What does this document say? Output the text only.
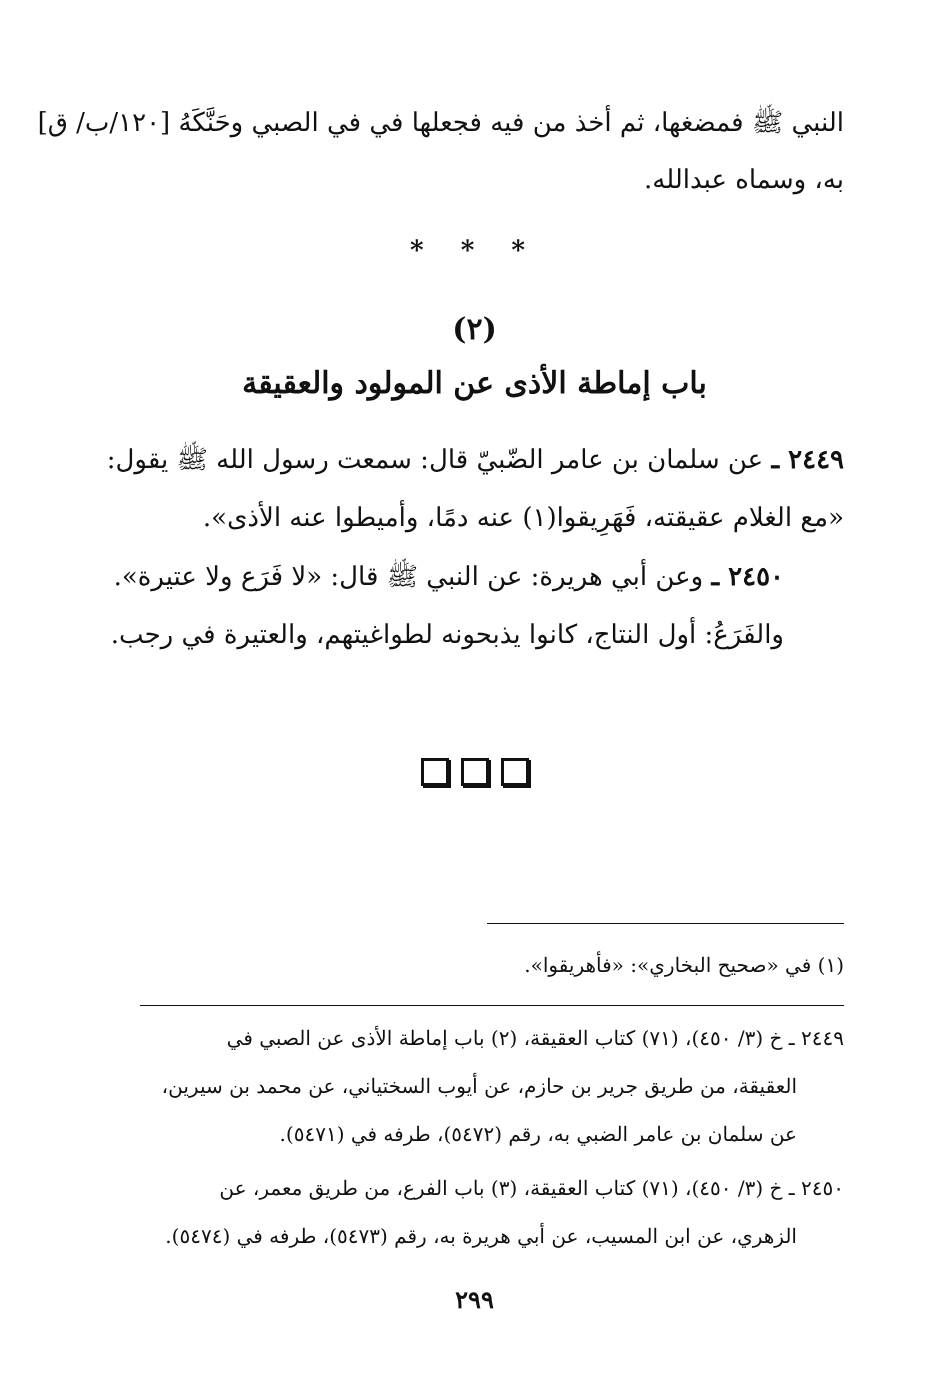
النبي ﷺ فمضغها، ثم أخذ من فيه فجعلها في في الصبي وحَنَّكَهُ [١٢٠/ب/ ق]
به، وسماه عبدالله.
* * *
(٢)
باب إماطة الأذى عن المولود والعقيقة
٢٤٤٩ ـ عن سلمان بن عامر الضّبيّ قال: سمعت رسول الله ﷺ يقول:
«مع الغلام عقيقته، فَهَرِيقوا(١) عنه دمًا، وأميطوا عنه الأذى».
٢٤٥٠ ـ وعن أبي هريرة: عن النبي ﷺ قال: «لا فَرَع ولا عتيرة».
والفَرَعُ: أول النتاج، كانوا يذبحونه لطواغيتهم، والعتيرة في رجب.
(١) في «صحيح البخاري»: «فأهريقوا».
٢٤٤٩ ـ خ (٣/ ٤٥٠)، (٧١) كتاب العقيقة، (٢) باب إماطة الأذى عن الصبي في
العقيقة، من طريق جرير بن حازم، عن أيوب السختياني، عن محمد بن سيرين،
عن سلمان بن عامر الضبي به، رقم (٥٤٧٢)، طرفه في (٥٤٧١).
٢٤٥٠ ـ خ (٣/ ٤٥٠)، (٧١) كتاب العقيقة، (٣) باب الفرع، من طريق معمر، عن
الزهري، عن ابن المسيب، عن أبي هريرة به، رقم (٥٤٧٣)، طرفه في (٥٤٧٤).
٢٩٩
